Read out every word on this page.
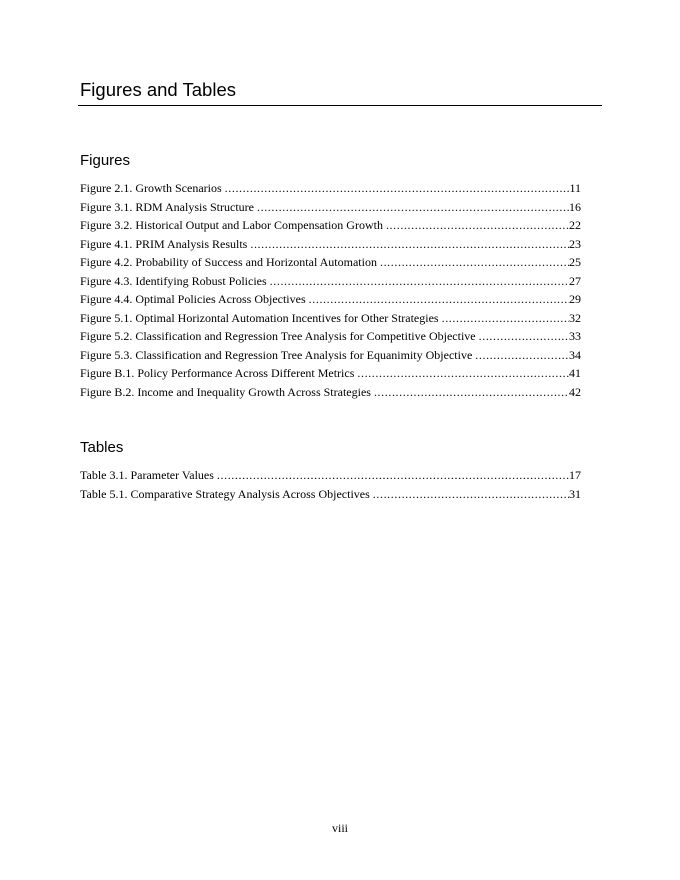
Figures and Tables
Figures
Figure 2.1. Growth Scenarios .....	11
Figure 3.1. RDM Analysis Structure .....	16
Figure 3.2. Historical Output and Labor Compensation Growth .....	22
Figure 4.1. PRIM Analysis Results .....	23
Figure 4.2. Probability of Success and Horizontal Automation .....	25
Figure 4.3. Identifying Robust Policies .....	27
Figure 4.4. Optimal Policies Across Objectives .....	29
Figure 5.1. Optimal Horizontal Automation Incentives for Other Strategies .....	32
Figure 5.2. Classification and Regression Tree Analysis for Competitive Objective .....	33
Figure 5.3. Classification and Regression Tree Analysis for Equanimity Objective .....	34
Figure B.1. Policy Performance Across Different Metrics .....	41
Figure B.2. Income and Inequality Growth Across Strategies .....	42
Tables
Table 3.1. Parameter Values .....	17
Table 5.1. Comparative Strategy Analysis Across Objectives .....	31
viii
